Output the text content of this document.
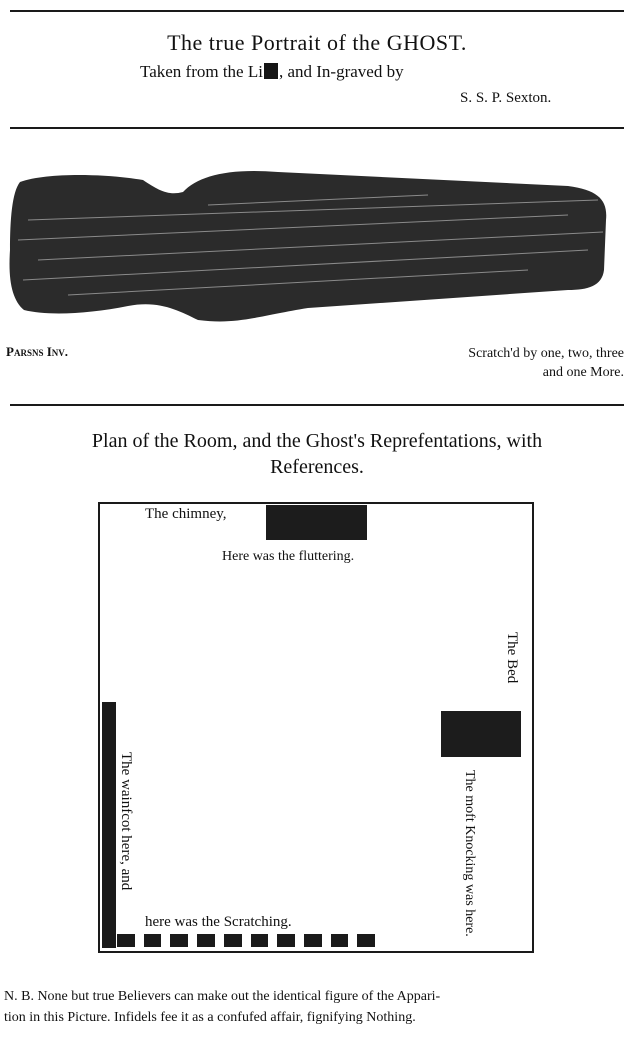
The true Portrait of the GHOST.
Taken from the Li , and In-graved by
S. S. P. Sexton.
Parsns Inv.	Scratch'd by one, two, three
and one More.
Plan of the Room, and the Ghost's Reprefentations, with
References.
The chimney,
Here was the fluttering.
The Bed
The moft Knocking was here.
The wainfcot here, and
here was the Scratching.
N. B. None but true Believers can make out the identical figure of the Appari-
tion in this Picture. Infidels fee it as a confufed affair, fignifying Nothing.
